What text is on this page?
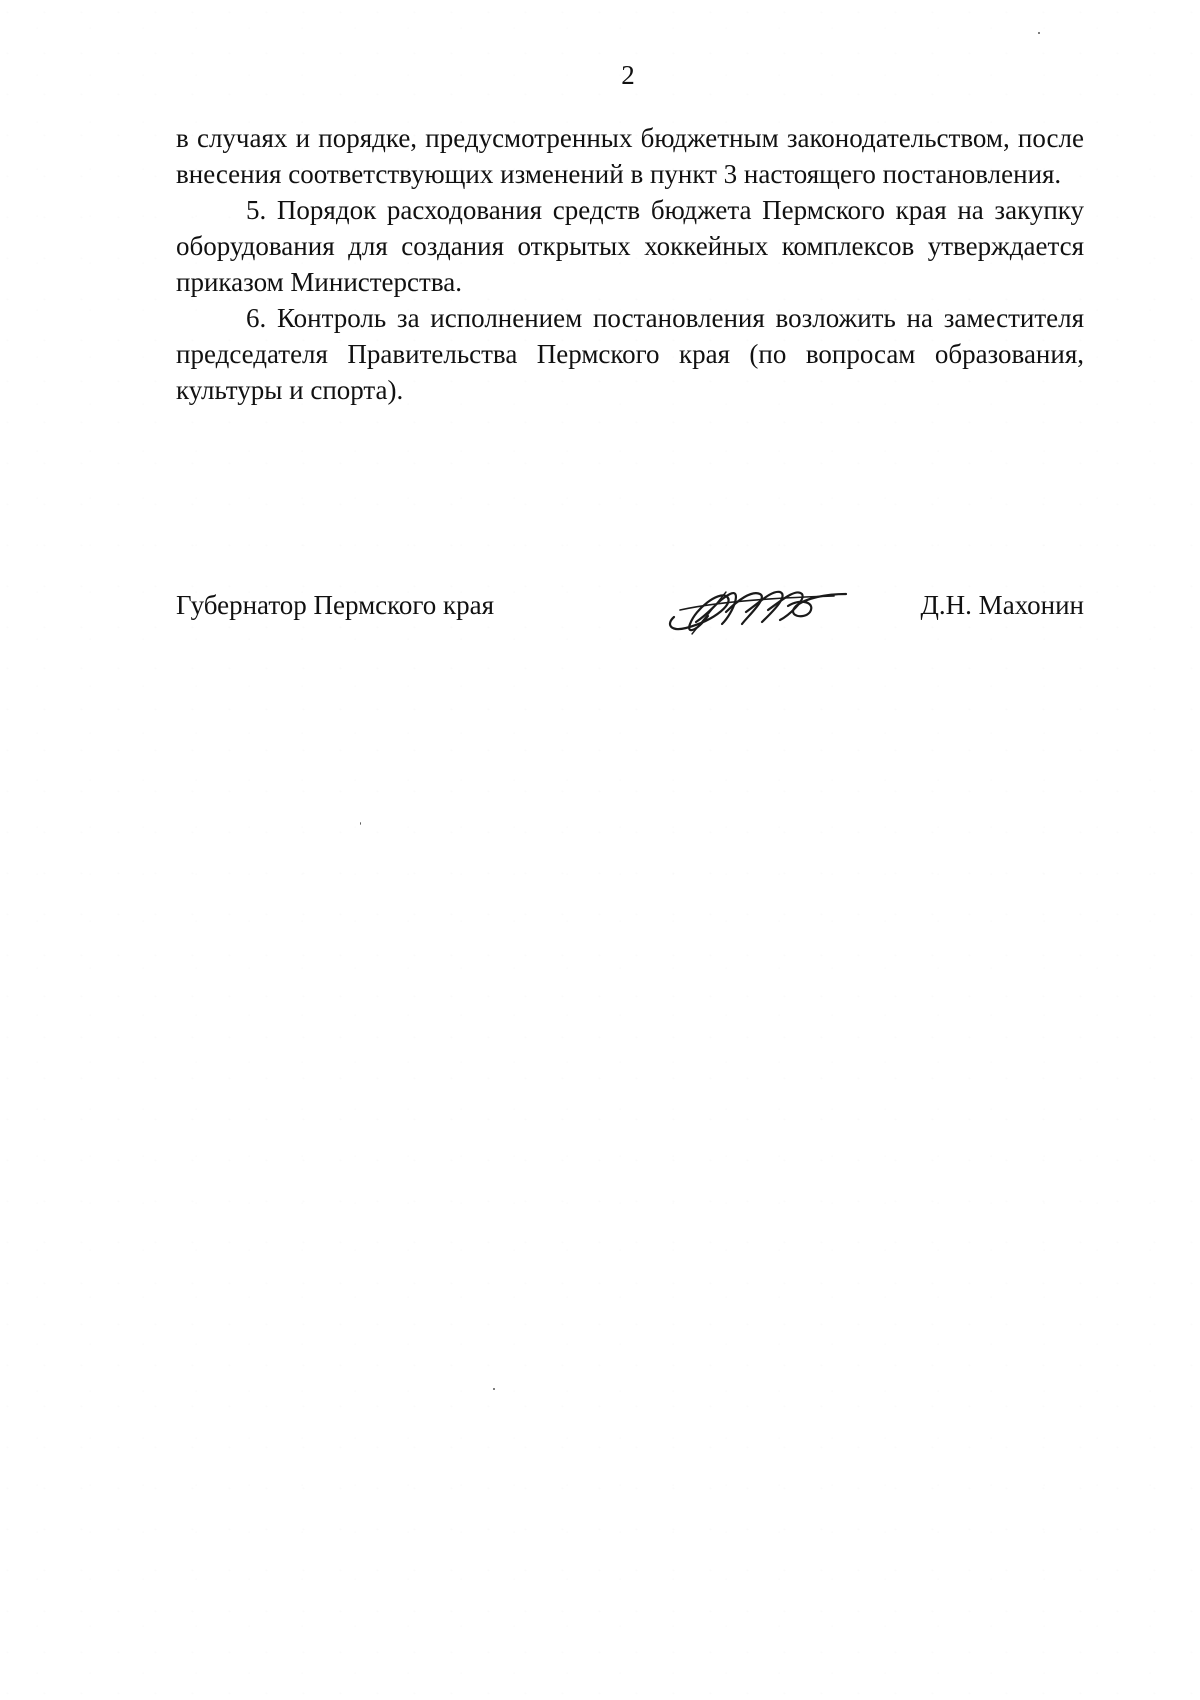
2

в случаях и порядке, предусмотренных бюджетным законодательством, после внесения соответствующих изменений в пункт 3 настоящего постановления.

5. Порядок расходования средств бюджета Пермского края на закупку оборудования для создания открытых хоккейных комплексов утверждается приказом Министерства.

6. Контроль за исполнением постановления возложить на заместителя председателя Правительства Пермского края (по вопросам образования, культуры и спорта).

Губернатор Пермского края	Д.Н. Махонин
